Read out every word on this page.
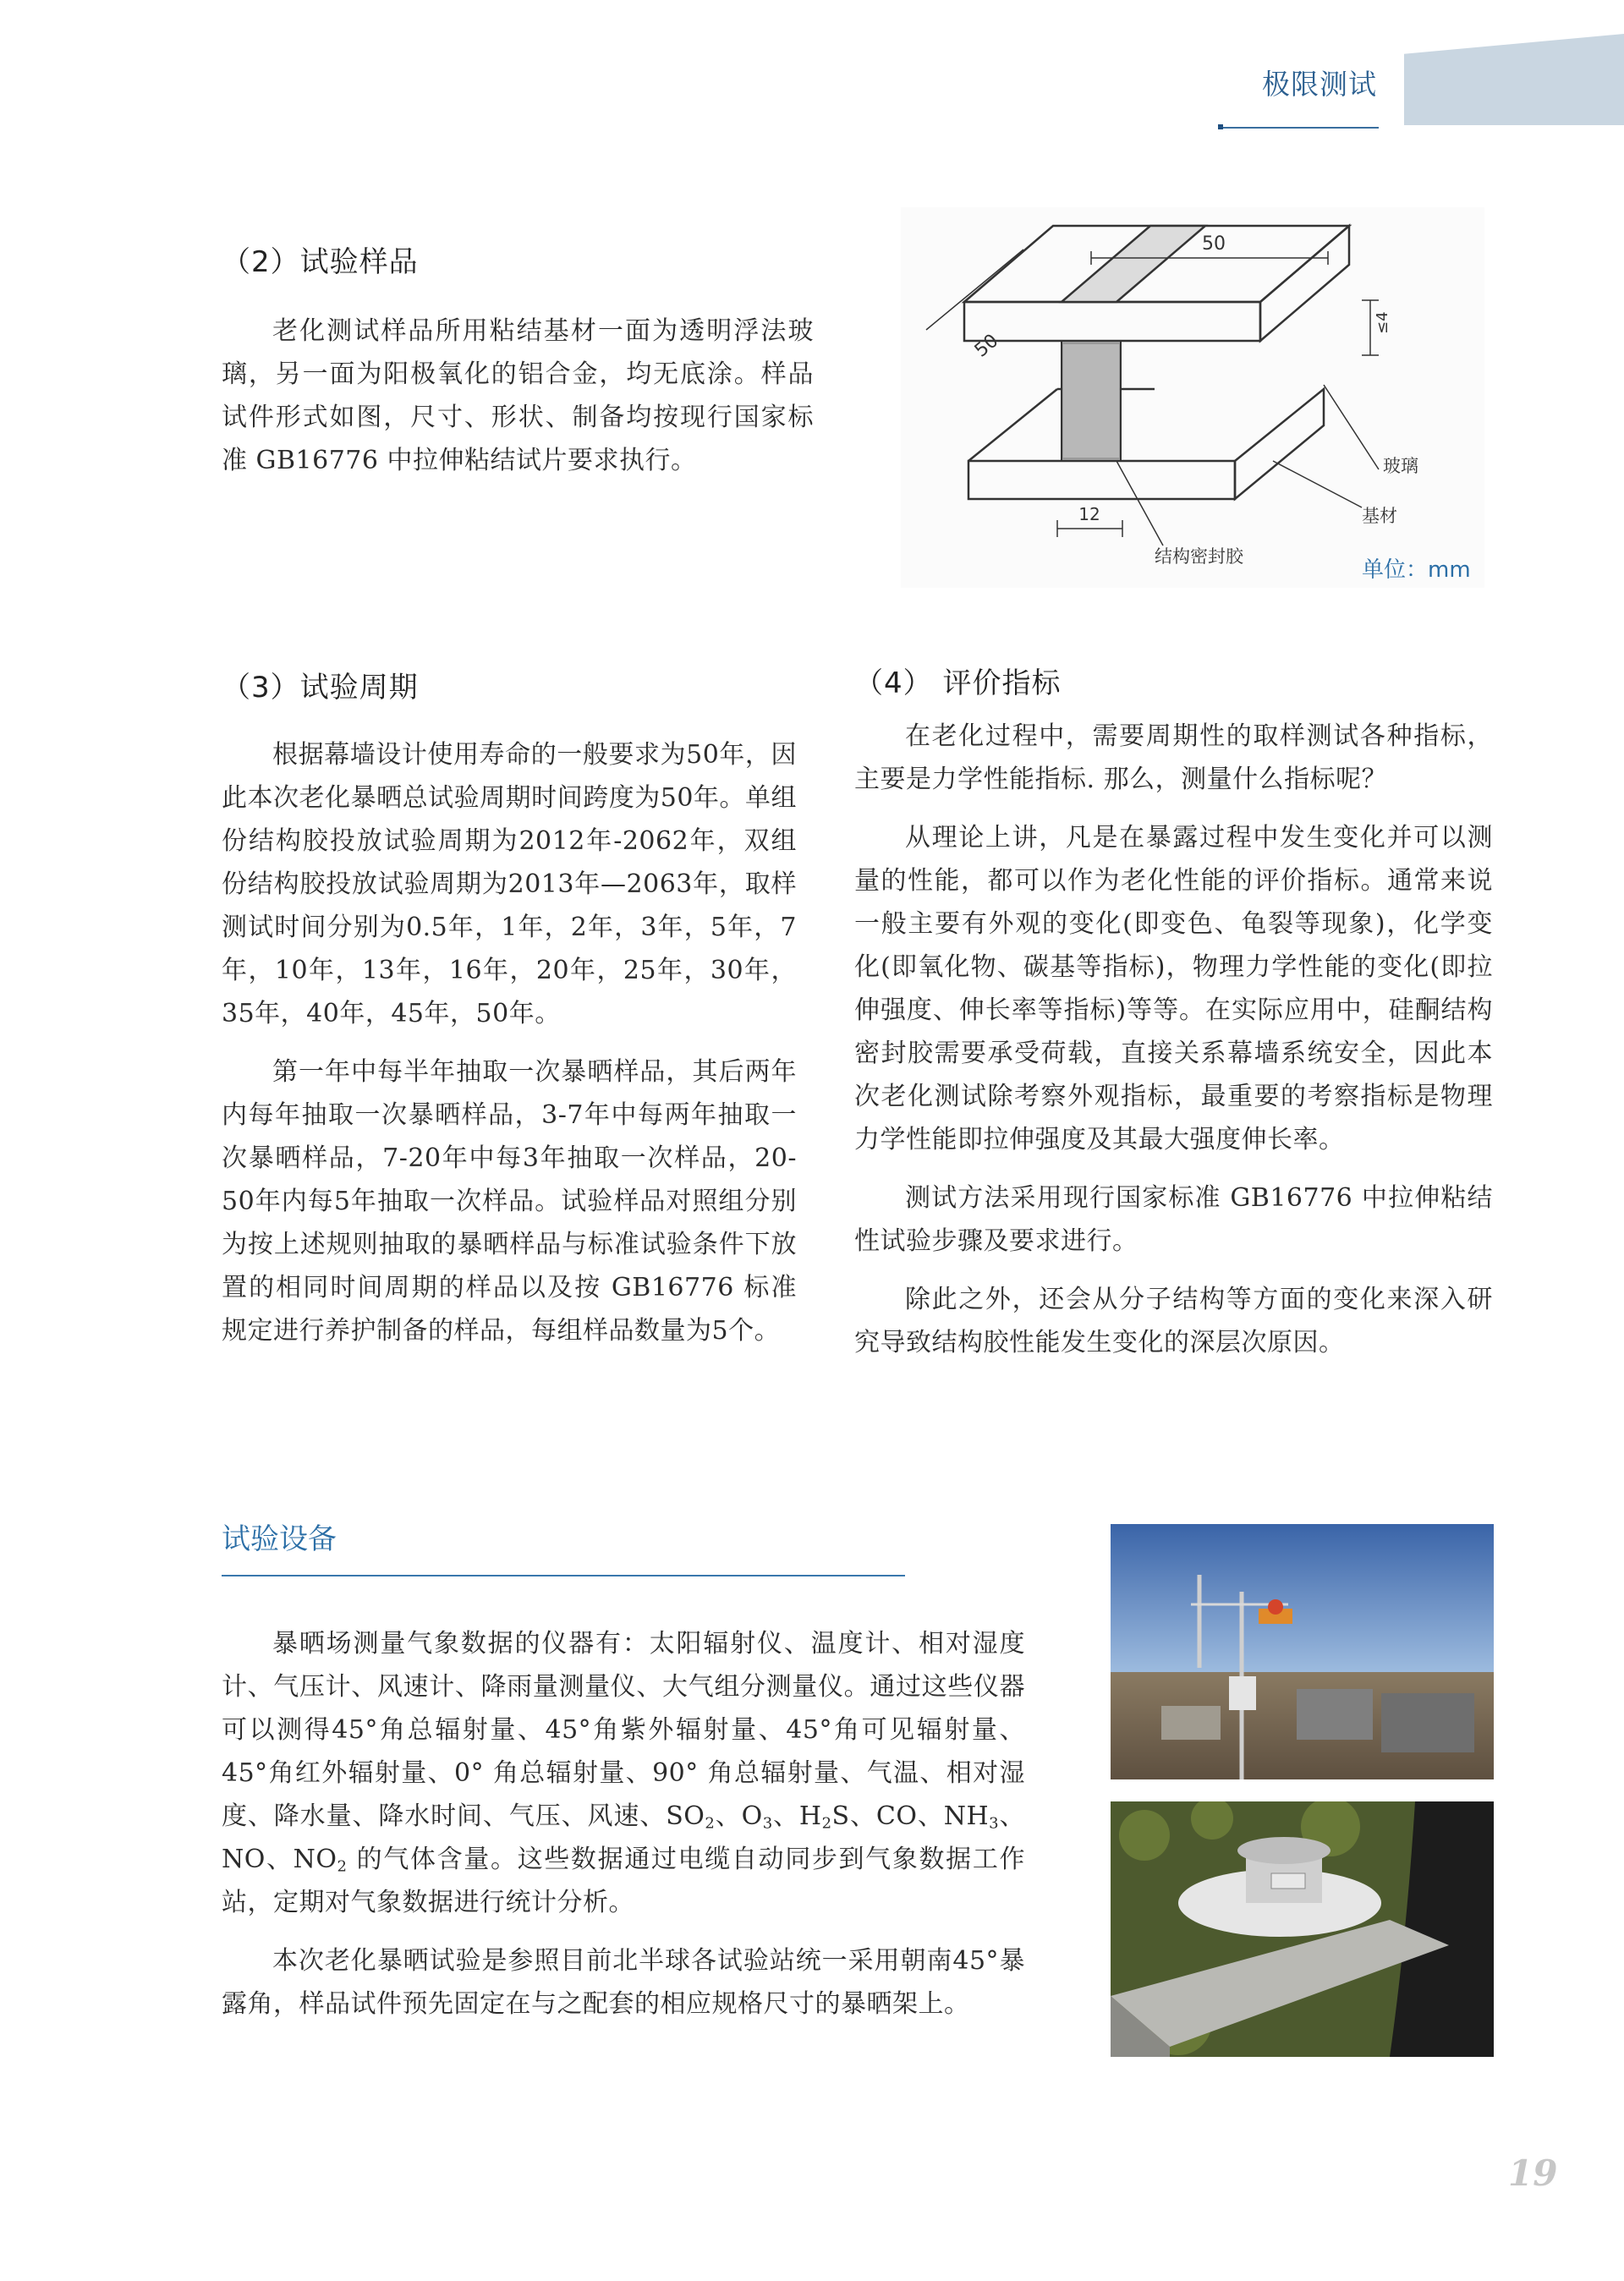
极限测试
（2）试验样品

老化测试样品所用粘结基材一面为透明浮法玻璃，另一面为阳极氧化的铝合金，均无底涂。样品试件形式如图，尺寸、形状、制备均按现行国家标准 GB16776 中拉伸粘结试片要求执行。

50
50
≤4
12
玻璃
基材
结构密封胶
单位：mm
（3）试验周期

根据幕墙设计使用寿命的一般要求为50年，因此本次老化暴晒总试验周期时间跨度为50年。单组份结构胶投放试验周期为2012年-2062年，双组份结构胶投放试验周期为2013年—2063年，取样测试时间分别为0.5年，1年，2年，3年，5年，7年，10年，13年，16年，20年，25年，30年，35年，40年，45年，50年。

第一年中每半年抽取一次暴晒样品，其后两年内每年抽取一次暴晒样品，3-7年中每两年抽取一次暴晒样品，7-20年中每3年抽取一次样品，20-50年内每5年抽取一次样品。试验样品对照组分别为按上述规则抽取的暴晒样品与标准试验条件下放置的相同时间周期的样品以及按 GB16776 标准规定进行养护制备的样品，每组样品数量为5个。

（4） 评价指标

在老化过程中，需要周期性的取样测试各种指标，主要是力学性能指标. 那么，测量什么指标呢？

从理论上讲，凡是在暴露过程中发生变化并可以测量的性能，都可以作为老化性能的评价指标。通常来说一般主要有外观的变化(即变色、龟裂等现象)，化学变化(即氧化物、碳基等指标)，物理力学性能的变化(即拉伸强度、伸长率等指标)等等。在实际应用中，硅酮结构密封胶需要承受荷载，直接关系幕墙系统安全，因此本次老化测试除考察外观指标，最重要的考察指标是物理力学性能即拉伸强度及其最大强度伸长率。

测试方法采用现行国家标准 GB16776 中拉伸粘结性试验步骤及要求进行。

除此之外，还会从分子结构等方面的变化来深入研究导致结构胶性能发生变化的深层次原因。

试验设备

暴晒场测量气象数据的仪器有：太阳辐射仪、温度计、相对湿度计、气压计、风速计、降雨量测量仪、大气组分测量仪。通过这些仪器可以测得45°角总辐射量、45°角紫外辐射量、45°角可见辐射量、45°角红外辐射量、0° 角总辐射量、90° 角总辐射量、气温、相对湿度、降水量、降水时间、气压、风速、$SO_2$、$O_3$、$H_2S$、CO、$NH_3$、NO、$NO_2$ 的气体含量。这些数据通过电缆自动同步到气象数据工作站，定期对气象数据进行统计分析。

本次老化暴晒试验是参照目前北半球各试验站统一采用朝南45°暴露角，样品试件预先固定在与之配套的相应规格尺寸的暴晒架上。

19
